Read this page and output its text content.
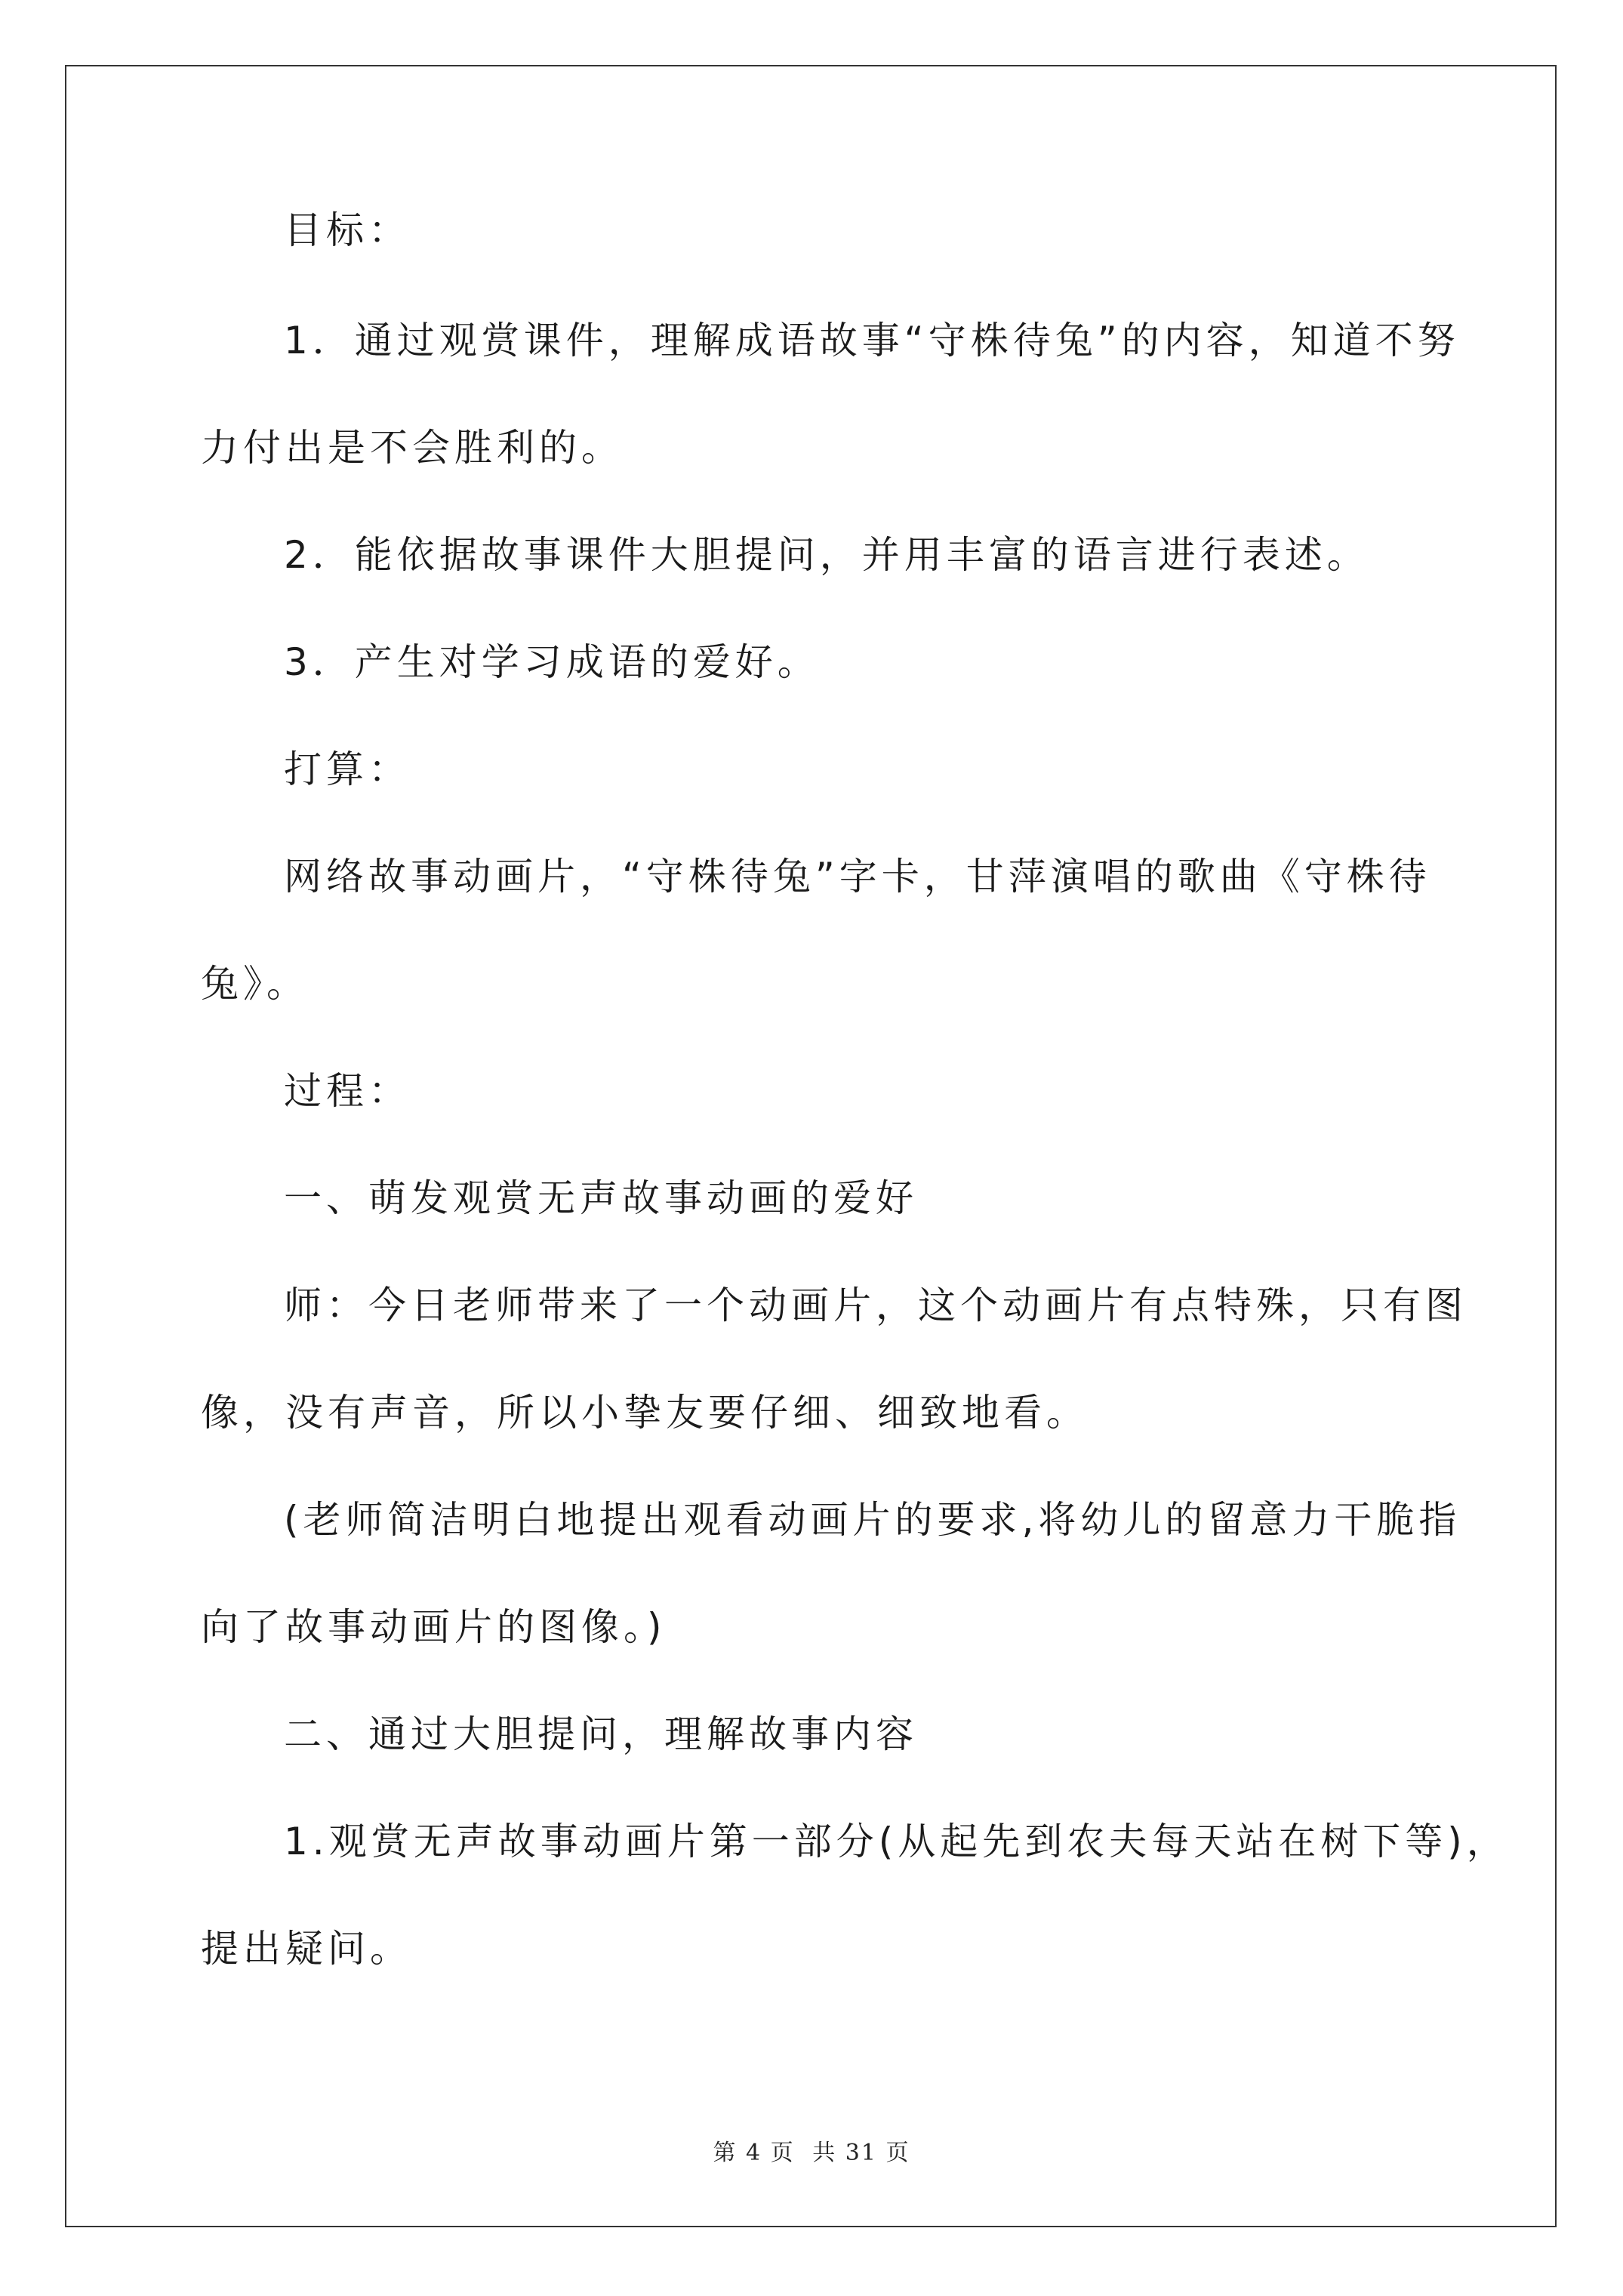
目标：
1．通过观赏课件，理解成语故事“守株待兔”的内容，知道不努
力付出是不会胜利的。
2．能依据故事课件大胆提问，并用丰富的语言进行表述。
3．产生对学习成语的爱好。
打算：
网络故事动画片，“守株待兔”字卡，甘萍演唱的歌曲《守株待
兔》。
过程：
一、萌发观赏无声故事动画的爱好
师：今日老师带来了一个动画片，这个动画片有点特殊，只有图
像，没有声音，所以小挚友要仔细、细致地看。
(老师简洁明白地提出观看动画片的要求,将幼儿的留意力干脆指
向了故事动画片的图像。)
二、通过大胆提问，理解故事内容
1.观赏无声故事动画片第一部分(从起先到农夫每天站在树下等)，
提出疑问。
第 4 页 共 31 页
